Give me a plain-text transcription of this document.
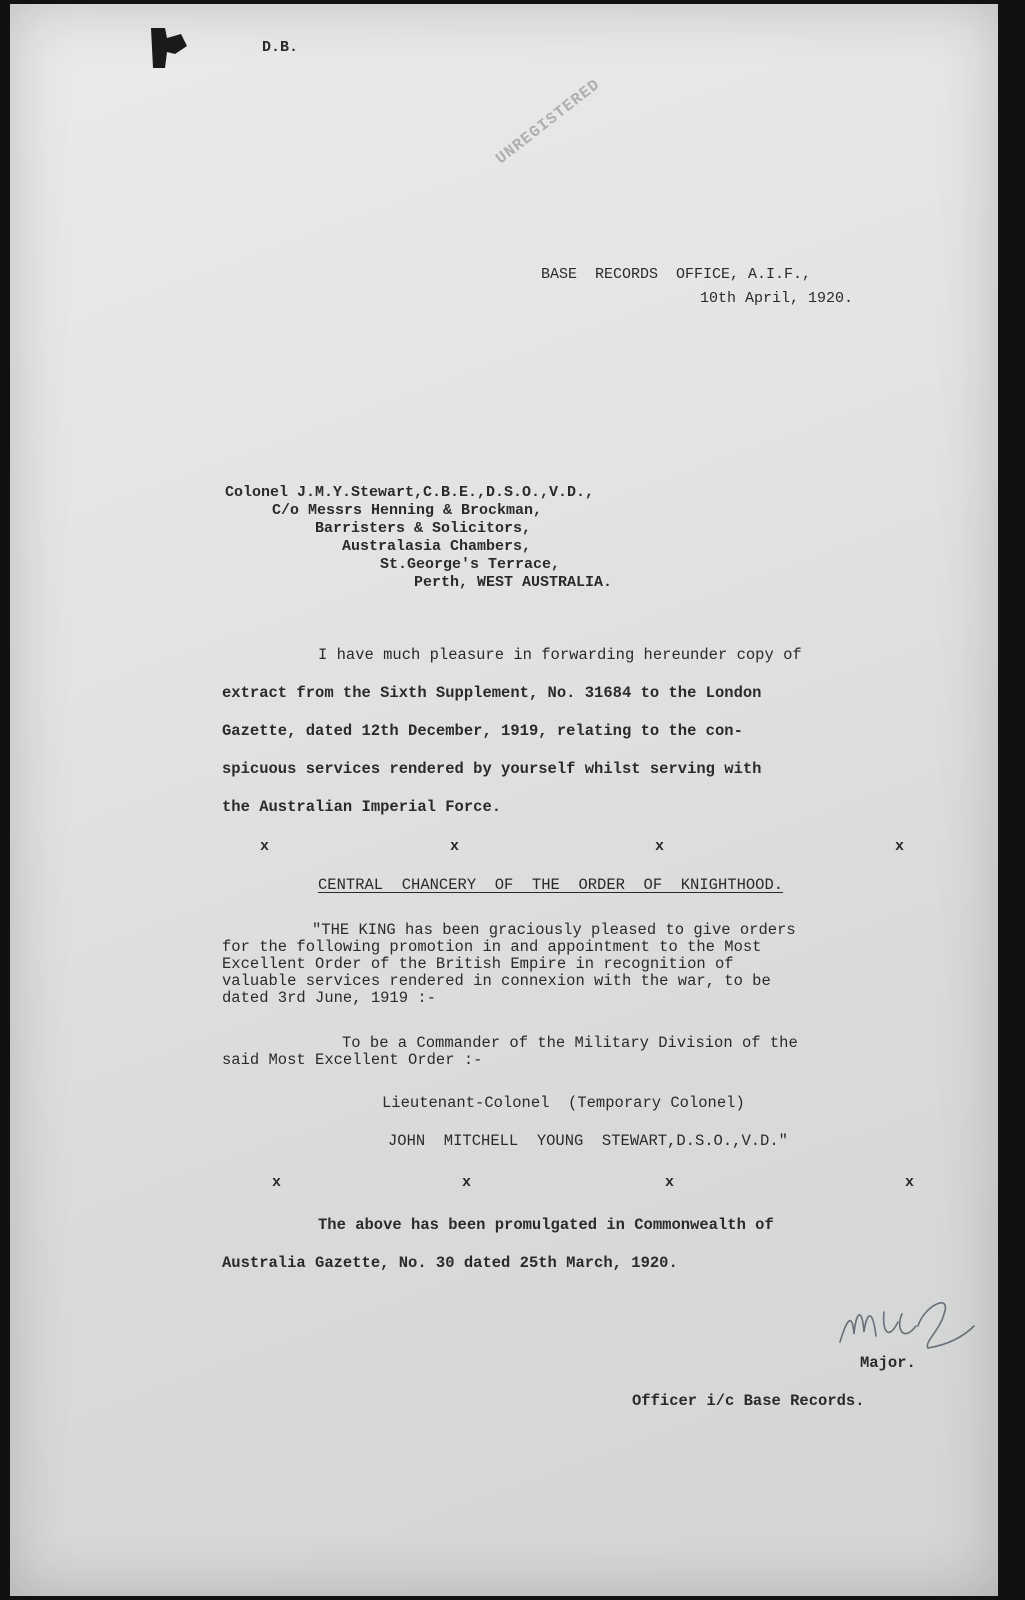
D.B.
UNREGISTERED
BASE  RECORDS  OFFICE, A.I.F.,
10th April, 1920.
Colonel J.M.Y.Stewart,C.B.E.,D.S.O.,V.D.,
C/o Messrs Henning & Brockman,
Barristers & Solicitors,
Australasia Chambers,
St.George's Terrace,
Perth, WEST AUSTRALIA.
I have much pleasure in forwarding hereunder copy of
extract from the Sixth Supplement, No. 31684 to the London
Gazette, dated 12th December, 1919, relating to the con-
spicuous services rendered by yourself whilst serving with
the Australian Imperial Force.
x	x	x	x
CENTRAL  CHANCERY  OF  THE  ORDER  OF  KNIGHTHOOD.
"THE KING has been graciously pleased to give orders
for the following promotion in and appointment to the Most
Excellent Order of the British Empire in recognition of
valuable services rendered in connexion with the war, to be
dated 3rd June, 1919 :-
To be a Commander of the Military Division of the
said Most Excellent Order :-
Lieutenant-Colonel  (Temporary Colonel)
JOHN  MITCHELL  YOUNG  STEWART,D.S.O.,V.D."
x	x	x	x
The above has been promulgated in Commonwealth of
Australia Gazette, No. 30 dated 25th March, 1920.
Major.
Officer i/c Base Records.
